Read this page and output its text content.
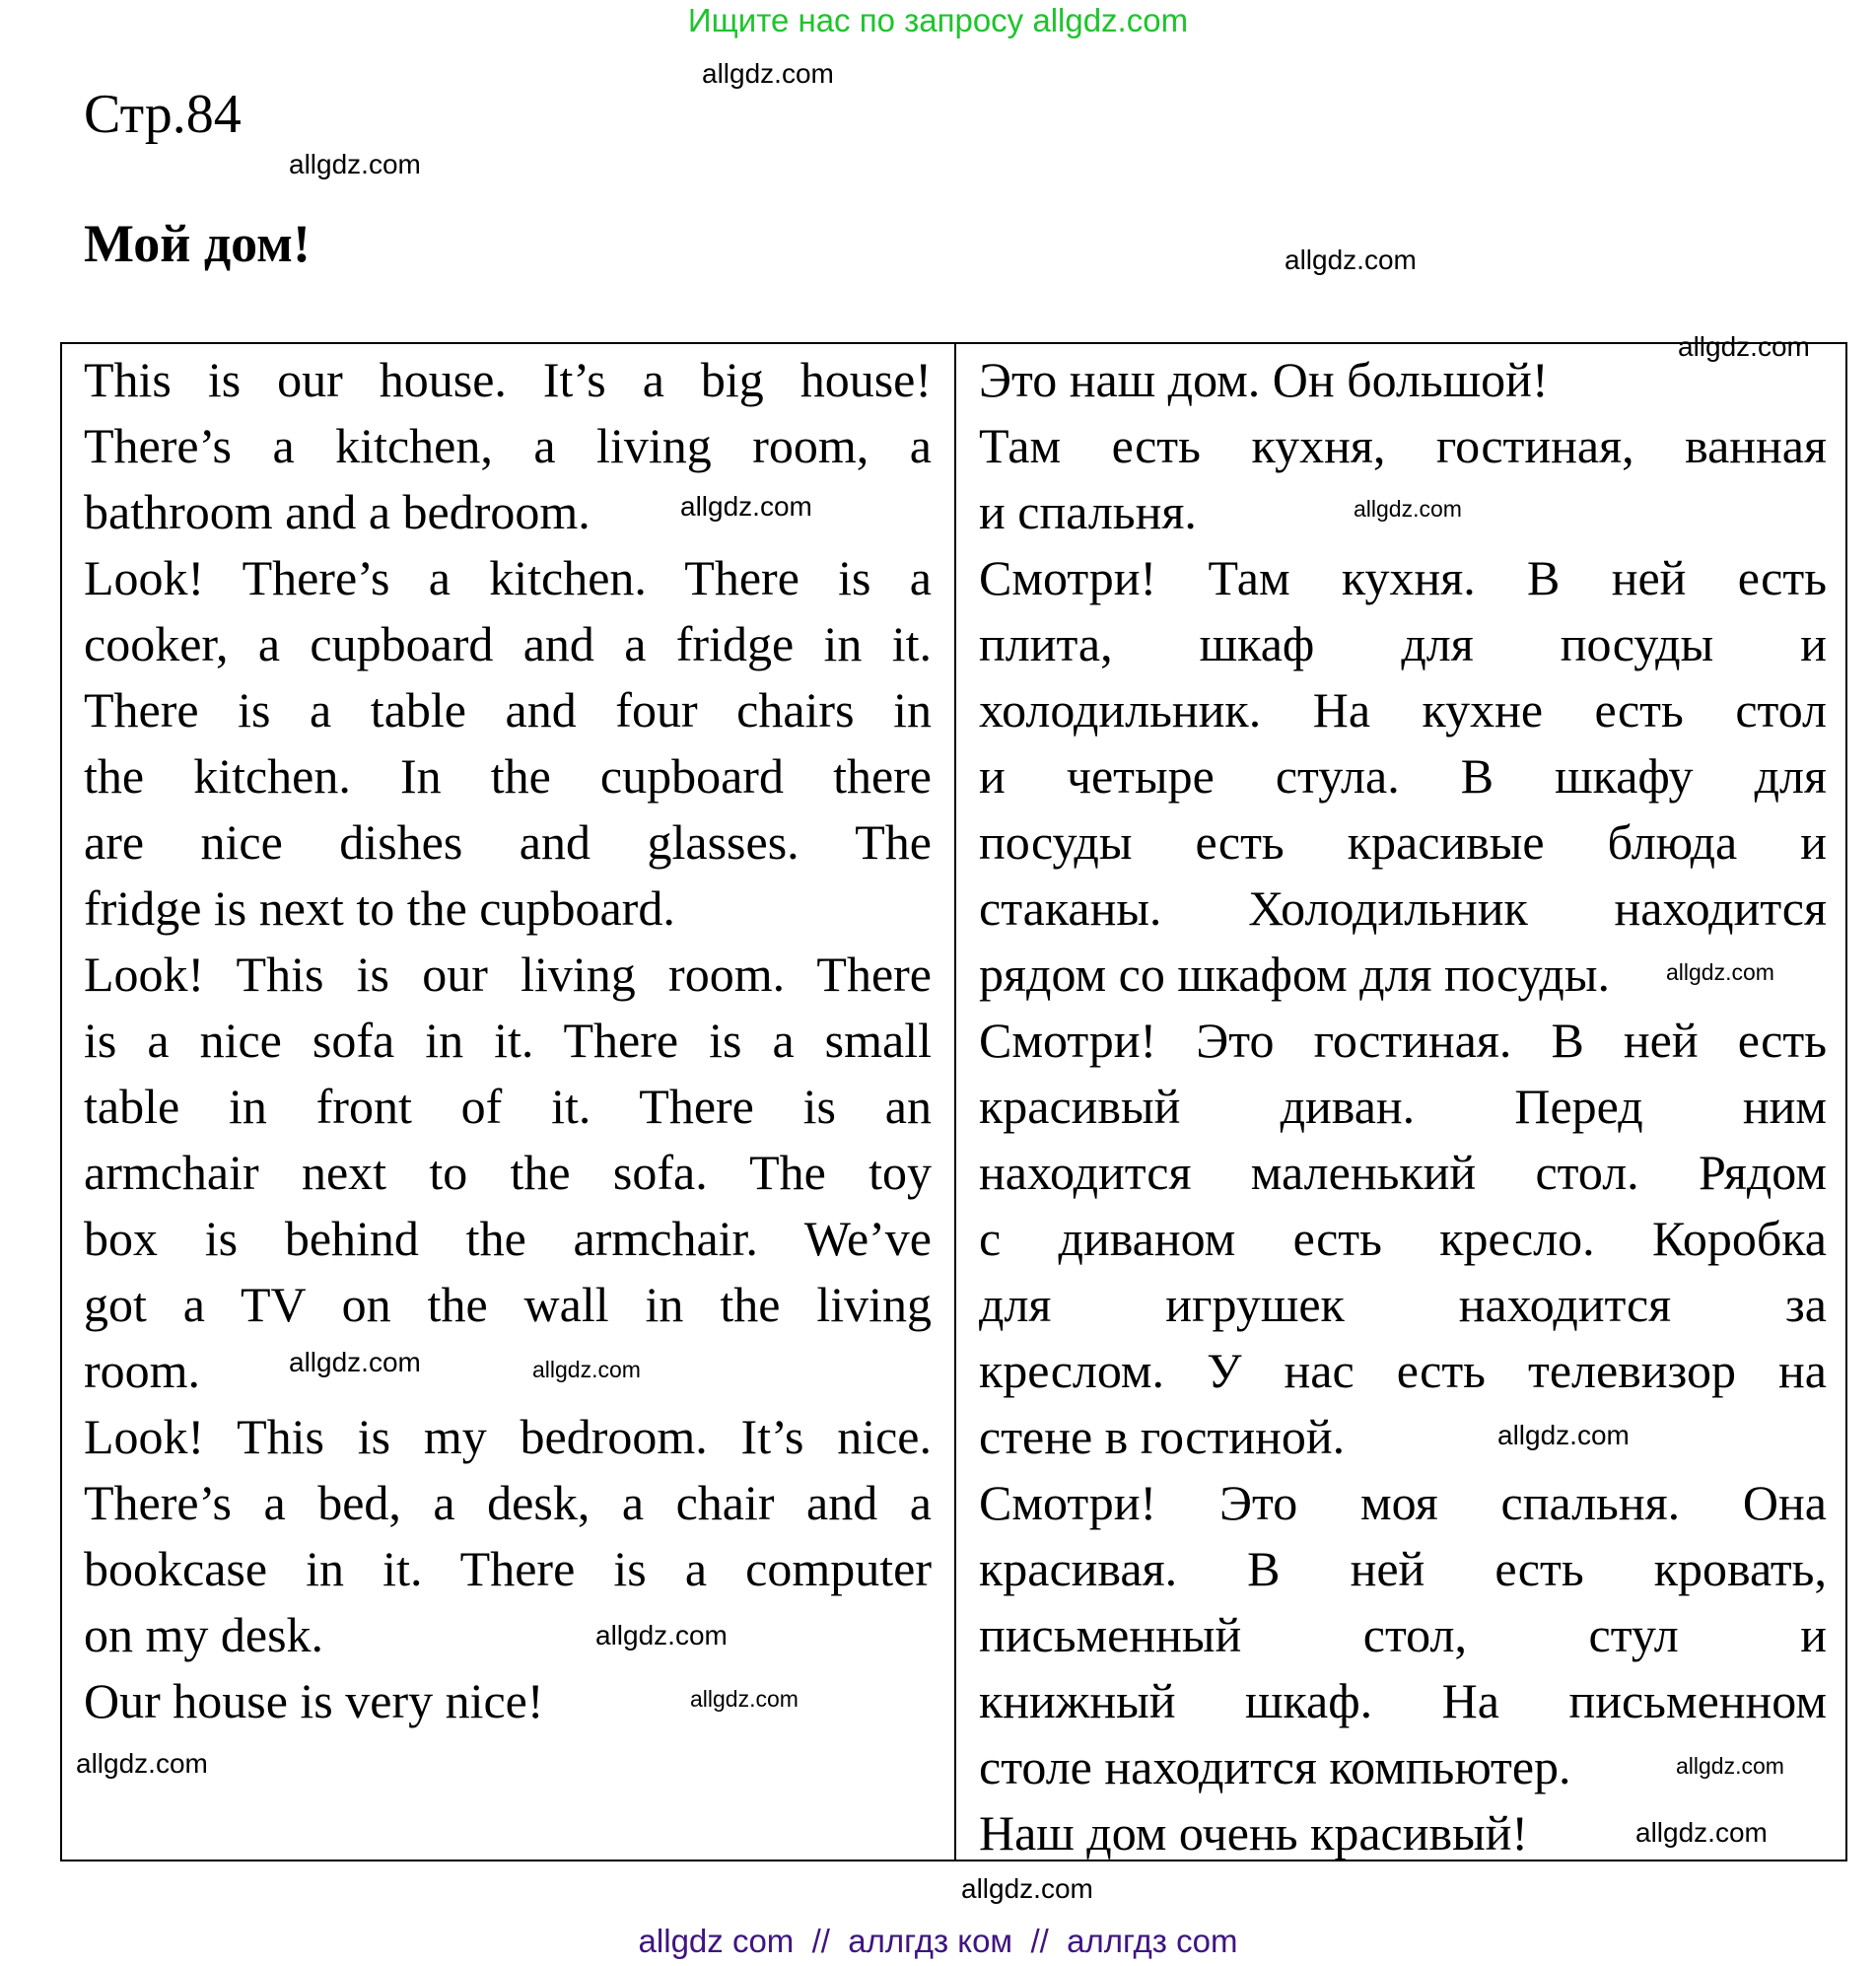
Ищите нас по запросу allgdz.com
Стр.84
Мой дом!
This is our house. It’s a big house!
There’s a kitchen, a living room, a
bathroom and a bedroom.
Look! There’s a kitchen. There is a
cooker, a cupboard and a fridge in it.
There is a table and four chairs in
the kitchen. In the cupboard there
are nice dishes and glasses. The
fridge is next to the cupboard.
Look! This is our living room. There
is a nice sofa in it. There is a small
table in front of it. There is an
armchair next to the sofa. The toy
box is behind the armchair. We’ve
got a TV on the wall in the living
room.
Look! This is my bedroom. It’s nice.
There’s a bed, a desk, a chair and a
bookcase in it. There is a computer
on my desk.
Our house is very nice!
Это наш дом. Он большой!
Там есть кухня, гостиная, ванная
и спальня.
Смотри! Там кухня. В ней есть
плита, шкаф для посуды и
холодильник. На кухне есть стол
и четыре стула. В шкафу для
посуды есть красивые блюда и
стаканы. Холодильник находится
рядом со шкафом для посуды.
Смотри! Это гостиная. В ней есть
красивый диван. Перед ним
находится маленький стол. Рядом
с диваном есть кресло. Коробка
для игрушек находится за
креслом. У нас есть телевизор на
стене в гостиной.
Смотри! Это моя спальня. Она
красивая. В ней есть кровать,
письменный стол, стул и
книжный шкаф. На письменном
столе находится компьютер.
Наш дом очень красивый!
allgdz.com
allgdz.com
allgdz.com
allgdz.com
allgdz.com
allgdz.com
allgdz.com
allgdz.com
allgdz.com
allgdz.com
allgdz.com
allgdz.com
allgdz.com
allgdz.com
allgdz.com
allgdz.com
allgdz com  //  аллгдз ком  //  аллгдз com
